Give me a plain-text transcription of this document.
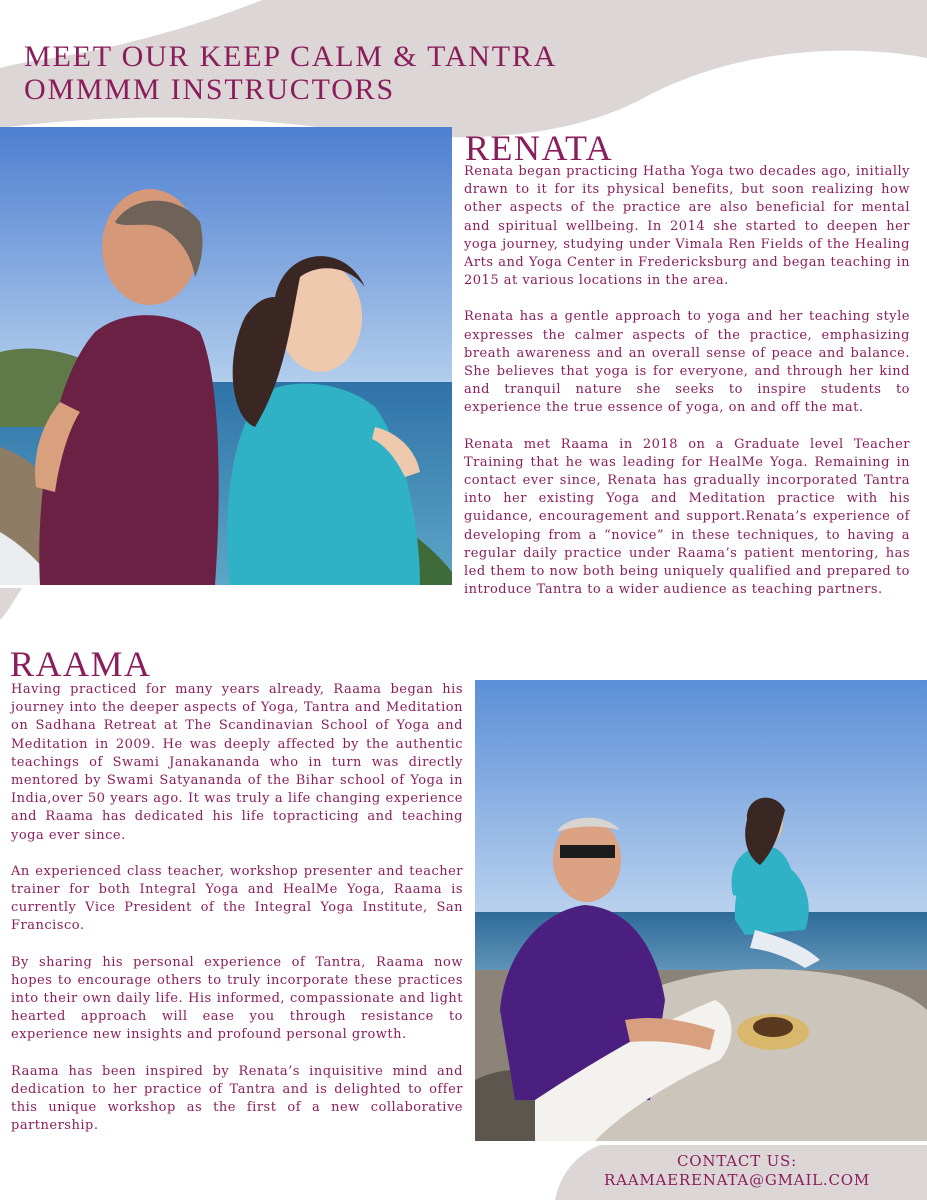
MEET OUR KEEP CALM & TANTRA OMMMM INSTRUCTORS
RENATA

Renata began practicing Hatha Yoga two decades ago, initially drawn to it for its physical benefits, but soon realizing how other aspects of the practice are also beneficial for mental and spiritual wellbeing. In 2014 she started to deepen her yoga journey, studying under Vimala Ren Fields of the Healing Arts and Yoga Center in Fredericksburg and began teaching in 2015 at various locations in the area.

Renata has a gentle approach to yoga and her teaching style expresses the calmer aspects of the practice, emphasizing breath awareness and an overall sense of peace and balance. She believes that yoga is for everyone, and through her kind and tranquil nature she seeks to inspire students to experience the true essence of yoga, on and off the mat.

Renata met Raama in 2018 on a Graduate level Teacher Training that he was leading for HealMe Yoga. Remaining in contact ever since, Renata has gradually incorporated Tantra into her existing Yoga and Meditation practice with his guidance, encouragement and support.Renata’s experience of developing from a “novice” in these techniques, to having a regular daily practice under Raama’s patient mentoring, has led them to now both being uniquely qualified and prepared to introduce Tantra to a wider audience as teaching partners.

RAAMA

Having practiced for many years already, Raama began his journey into the deeper aspects of Yoga, Tantra and Meditation on Sadhana Retreat at The Scandinavian School of Yoga and Meditation in 2009. He was deeply affected by the authentic teachings of Swami Janakananda who in turn was directly mentored by Swami Satyananda of the Bihar school of Yoga in India,over 50 years ago. It was truly a life changing experience and Raama has dedicated his life topracticing and teaching yoga ever since.

An experienced class teacher, workshop presenter and teacher trainer for both Integral Yoga and HealMe Yoga, Raama is currently Vice President of the Integral Yoga Institute, San Francisco.

By sharing his personal experience of Tantra, Raama now hopes to encourage others to truly incorporate these practices into their own daily life. His informed, compassionate and light hearted approach will ease you through resistance to experience new insights and profound personal growth.

Raama has been inspired by Renata’s inquisitive mind and dedication to her practice of Tantra and is delighted to offer this unique workshop as the first of a new collaborative partnership.

CONTACT US:
RAAMAERENATA@GMAIL.COM
